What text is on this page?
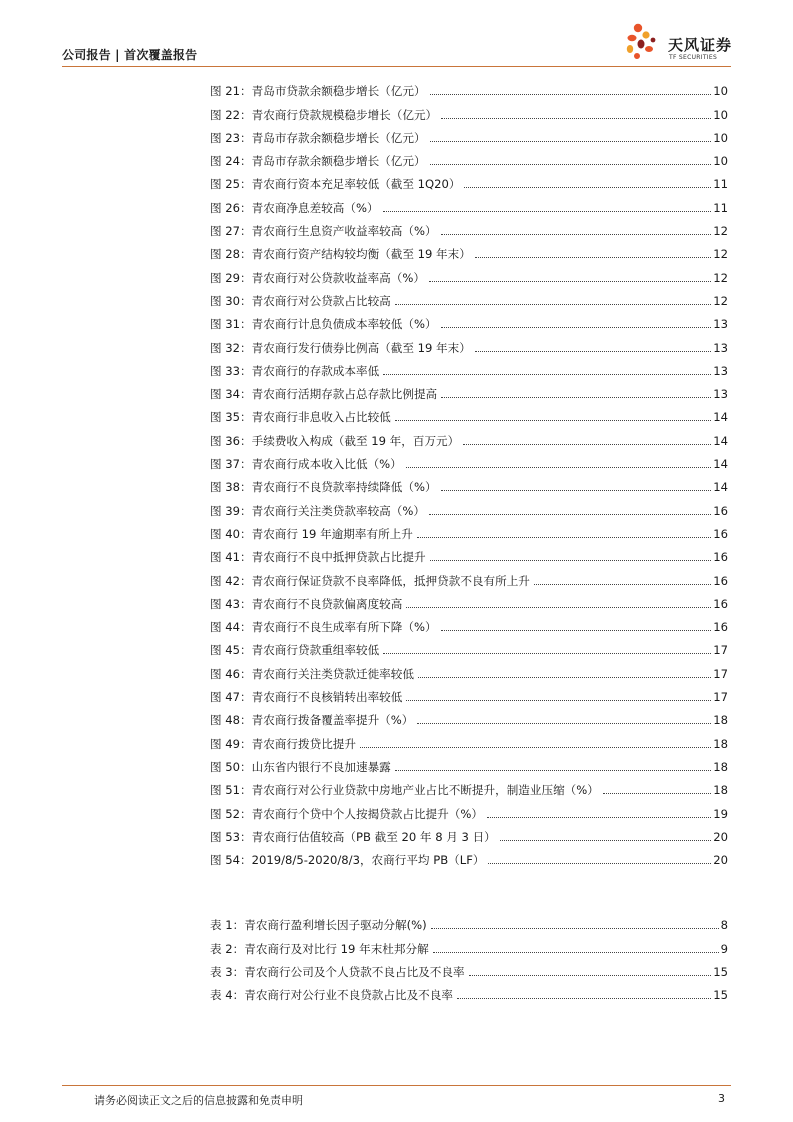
公司报告 | 首次覆盖报告
天风证券
TF SECURITIES
图 21：青岛市贷款余额稳步增长（亿元）	10
图 22：青农商行贷款规模稳步增长（亿元）	10
图 23：青岛市存款余额稳步增长（亿元）	10
图 24：青岛市存款余额稳步增长（亿元）	10
图 25：青农商行资本充足率较低（截至 1Q20）	11
图 26：青农商净息差较高（%）	11
图 27：青农商行生息资产收益率较高（%）	12
图 28：青农商行资产结构较均衡（截至 19 年末）	12
图 29：青农商行对公贷款收益率高（%）	12
图 30：青农商行对公贷款占比较高	12
图 31：青农商行计息负债成本率较低（%）	13
图 32：青农商行发行债券比例高（截至 19 年末）	13
图 33：青农商行的存款成本率低	13
图 34：青农商行活期存款占总存款比例提高	13
图 35：青农商行非息收入占比较低	14
图 36：手续费收入构成（截至 19 年，百万元）	14
图 37：青农商行成本收入比低（%）	14
图 38：青农商行不良贷款率持续降低（%）	14
图 39：青农商行关注类贷款率较高（%）	16
图 40：青农商行 19 年逾期率有所上升	16
图 41：青农商行不良中抵押贷款占比提升	16
图 42：青农商行保证贷款不良率降低，抵押贷款不良有所上升	16
图 43：青农商行不良贷款偏离度较高	16
图 44：青农商行不良生成率有所下降（%）	16
图 45：青农商行贷款重组率较低	17
图 46：青农商行关注类贷款迁徙率较低	17
图 47：青农商行不良核销转出率较低	17
图 48：青农商行拨备覆盖率提升（%）	18
图 49：青农商行拨贷比提升	18
图 50：山东省内银行不良加速暴露	18
图 51：青农商行对公行业贷款中房地产业占比不断提升，制造业压缩（%）	18
图 52：青农商行个贷中个人按揭贷款占比提升（%）	19
图 53：青农商行估值较高（PB 截至 20 年 8 月 3 日）	20
图 54：2019/8/5-2020/8/3，农商行平均 PB（LF）	20
表 1：青农商行盈利增长因子驱动分解(%)	8
表 2：青农商行及对比行 19 年末杜邦分解	9
表 3：青农商行公司及个人贷款不良占比及不良率	15
表 4：青农商行对公行业不良贷款占比及不良率	15
请务必阅读正文之后的信息披露和免责申明	3
